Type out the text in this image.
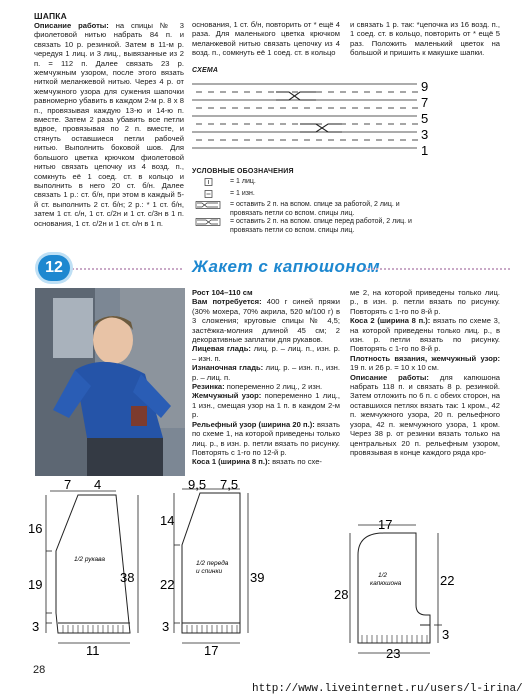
ШАПКА
Описание работы: на спицы № 3 фиолетовой нитью набрать 84 п. и связать 10 р. резинкой. Затем в 11-м р. чередуя 1 лиц. и 3 лиц., вывязанные из 2 п. = 112 п. Далее связать 23 р. жемчужным узором, после этого вязать ниткой меланжевой нитью. Через 4 р. от жемчужного узора для сужения шапочки равномерно убавить в каждом 2-м р. 8 х 8 п., провязывая каждую 13-ю и 14-ю п. вместе. Затем 2 раза убавить все петли вдвое, провязывая по 2 п. вместе, и стянуть оставшиеся петли рабочей нитью. Выполнить боковой шов. Для большого цветка крючком фиолетовой нитью связать цепочку из 4 возд. п., сомкнуть её 1 соед. ст. в кольцо и выполнить в него 20 ст. б/н. Далее связать 1 р.: ст. б/н, при этом в каждый 5-й ст. выполнить 2 ст. б/н; 2 р.: * 1 ст. б/н, затем 1 ст. с/н, 1 ст. с/2н и 1 ст. с/3н в 1 п. основания, 1 ст. с/2н и 1 ст. с/н в 1 п.
основания, 1 ст. б/н, повторить от * ещё 4 раза. Для маленького цветка крючком меланжевой нитью связать цепочку из 4 возд. п., сомкнуть её 1 соед. ст. в кольцо
и связать 1 р. так: *цепочка из 16 возд. п., 1 соед. ст. в кольцо, повторить от * ещё 5 раз. Положить маленький цветок на большой и пришить к макушке шапки.
СХЕМА
9
7
5
3
1
УСЛОВНЫЕ ОБОЗНАЧЕНИЯ
= 1 лиц.
= 1 изн.
= оставить 2 п. на вспом. спице за работой, 2 лиц. и провязать петли со вспом. спицы лиц.
= оставить 2 п. на вспом. спице перед работой, 2 лиц. и провязать петли со вспом. спицы лиц.
12	Жакет с капюшоном
Рост 104–110 см
Вам потребуется: 400 г синей пряжи (30% мохера, 70% акрила, 520 м/100 г) в 3 сложения; круговые спицы № 4,5; застёжка-молния длиной 45 см; 2 декоративные заплатки для рукавов.
Лицевая гладь: лиц. р. – лиц. п., изн. р. – изн. п.
Изнаночная гладь: лиц. р. – изн. п., изн. р. – лиц. п.
Резинка: попеременно 2 лиц., 2 изн.
Жемчужный узор: попеременно 1 лиц., 1 изн., смещая узор на 1 п. в каждом 2-м р.
Рельефный узор (ширина 20 п.): вязать по схеме 1, на которой приведены только лиц. р., в изн. р. петли вязать по рисунку. Повторять с 1-го по 12-й р.
Коса 1 (ширина 8 п.): вязать по схе-
ме 2, на которой приведены только лиц. р., в изн. р. петли вязать по рисунку. Повторять с 1-го по 8-й р.
Коса 2 (ширина 8 п.): вязать по схеме 3, на которой приведены только лиц. р., в изн. р. петли вязать по рисунку. Повторять с 1-го по 8-й р.
Плотность вязания, жемчужный узор: 19 п. и 26 р. = 10 х 10 см.
Описание работы: для капюшона набрать 118 п. и связать 8 р. резинкой. Затем отложить по 6 п. с обеих сторон, на оставшихся петлях вязать так: 1 кром., 42 п. жемчужного узора, 20 п. рельефного узора, 42 п. жемчужного узора, 1 кром. Через 38 р. от резинки вязать только на центральных 20 п. рельефным узором, провязывая в конце каждого ряда кро-
7 4
16
19
3
38
11
1/2 рукава
9,5 7,5
14
22
3
39
17
1/2 переда
и спинки
17
28
22
3
23
1/2
капюшона
28
http://www.liveinternet.ru/users/l-irina/
